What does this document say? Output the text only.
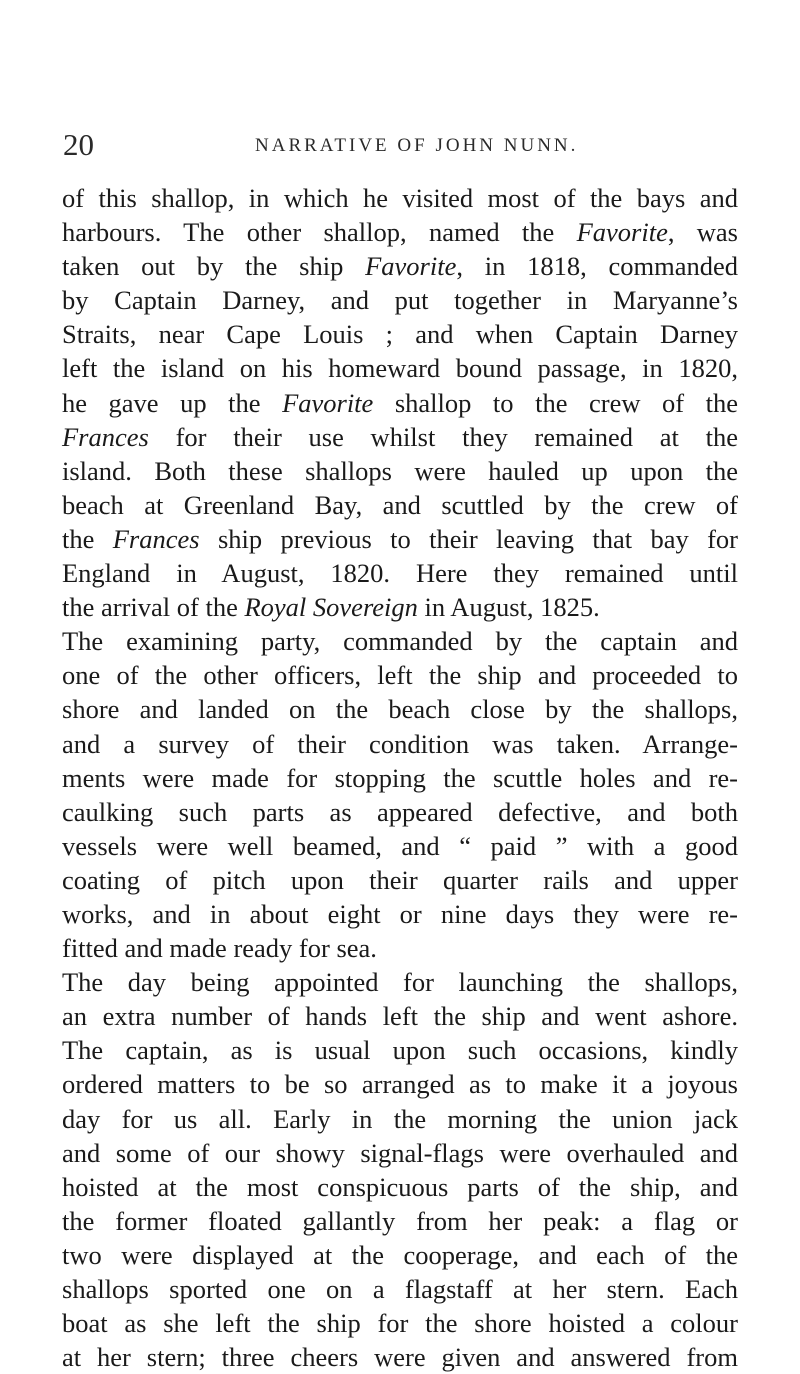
20	NARRATIVE OF JOHN NUNN.
of this shallop, in which he visited most of the bays and
harbours. The other shallop, named the Favorite, was
taken out by the ship Favorite, in 1818, commanded
by Captain Darney, and put together in Maryanne’s
Straits, near Cape Louis ; and when Captain Darney
left the island on his homeward bound passage, in 1820,
he gave up the Favorite shallop to the crew of the
Frances for their use whilst they remained at the
island. Both these shallops were hauled up upon the
beach at Greenland Bay, and scuttled by the crew of
the Frances ship previous to their leaving that bay for
England in August, 1820. Here they remained until
the arrival of the Royal Sovereign in August, 1825.
The examining party, commanded by the captain and
one of the other officers, left the ship and proceeded to
shore and landed on the beach close by the shallops,
and a survey of their condition was taken. Arrange-
ments were made for stopping the scuttle holes and re-
caulking such parts as appeared defective, and both
vessels were well beamed, and “ paid ” with a good
coating of pitch upon their quarter rails and upper
works, and in about eight or nine days they were re-
fitted and made ready for sea.
The day being appointed for launching the shallops,
an extra number of hands left the ship and went ashore.
The captain, as is usual upon such occasions, kindly
ordered matters to be so arranged as to make it a joyous
day for us all. Early in the morning the union jack
and some of our showy signal-flags were overhauled and
hoisted at the most conspicuous parts of the ship, and
the former floated gallantly from her peak: a flag or
two were displayed at the cooperage, and each of the
shallops sported one on a flagstaff at her stern. Each
boat as she left the ship for the shore hoisted a colour
at her stern; three cheers were given and answered from
